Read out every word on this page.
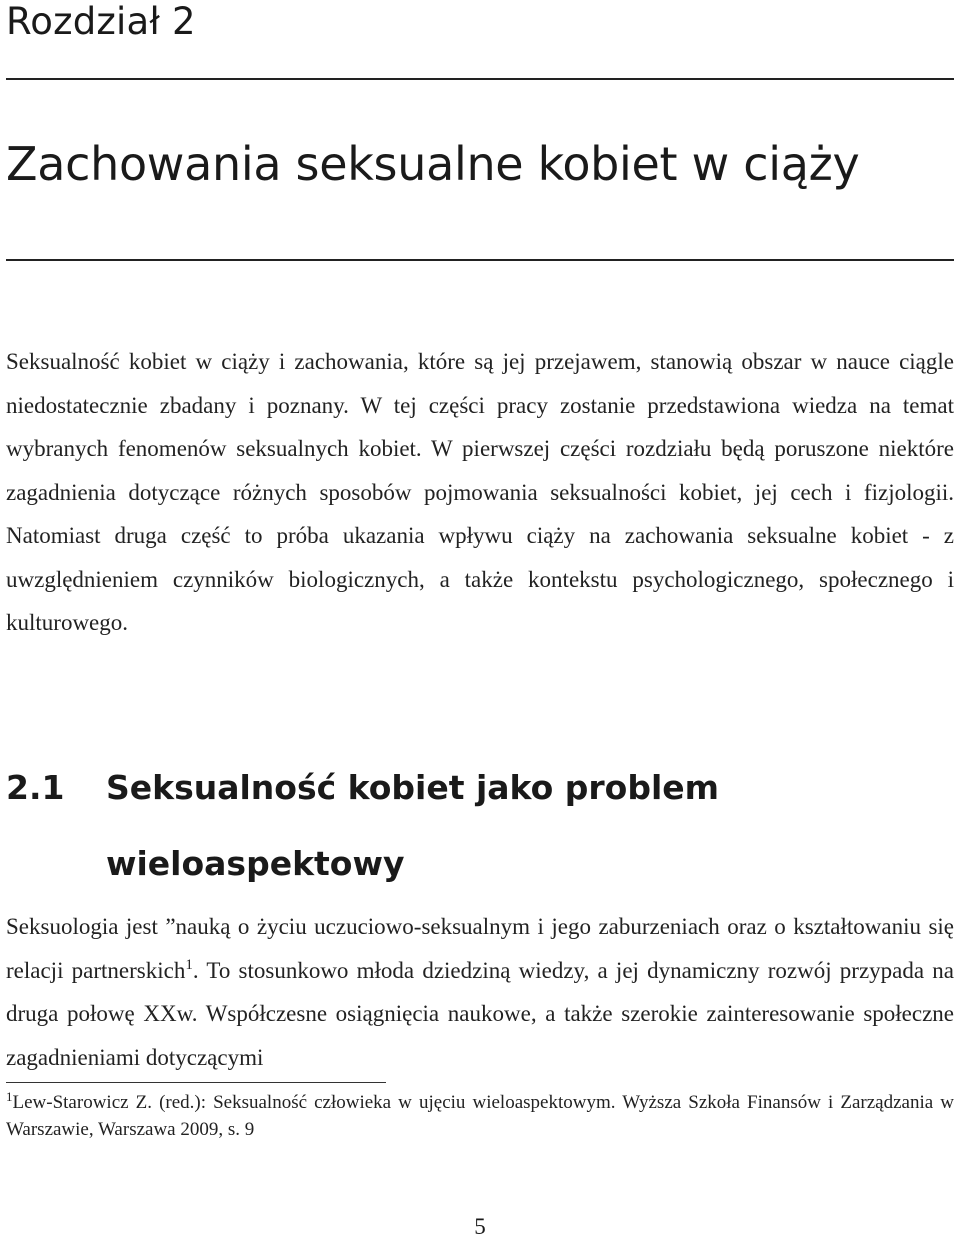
Rozdział 2
Zachowania seksualne kobiet w ciąży

Seksualność kobiet w ciąży i zachowania, które są jej przejawem, stanowią obszar w nauce ciągle niedostatecznie zbadany i poznany. W tej części pracy zostanie przedstawiona wiedza na temat wybranych fenomenów seksualnych kobiet. W pierwszej części rozdziału będą poruszone niektóre zagadnienia dotyczące różnych sposobów pojmowania seksualności kobiet, jej cech i fizjologii. Natomiast druga część to próba ukazania wpływu ciąży na zachowania seksualne kobiet - z uwzględnieniem czynników biologicznych, a także kontekstu psychologicznego, społecznego i kulturowego.

2.1 Seksualność kobiet jako problem wieloaspektowy

Seksuologia jest ”nauką o życiu uczuciowo-seksualnym i jego zaburzeniach oraz o kształtowaniu się relacji partnerskich$^1$. To stosunkowo młoda dziedziną wiedzy, a jej dynamiczny rozwój przypada na druga połowę XXw. Współczesne osiągnięcia naukowe, a także szerokie zainteresowanie społeczne zagadnieniami dotyczącymi

$^1$Lew-Starowicz Z. (red.): Seksualność człowieka w ujęciu wieloaspektowym. Wyższa Szkoła Finansów i Zarządzania w Warszawie, Warszawa 2009, s. 9
5
